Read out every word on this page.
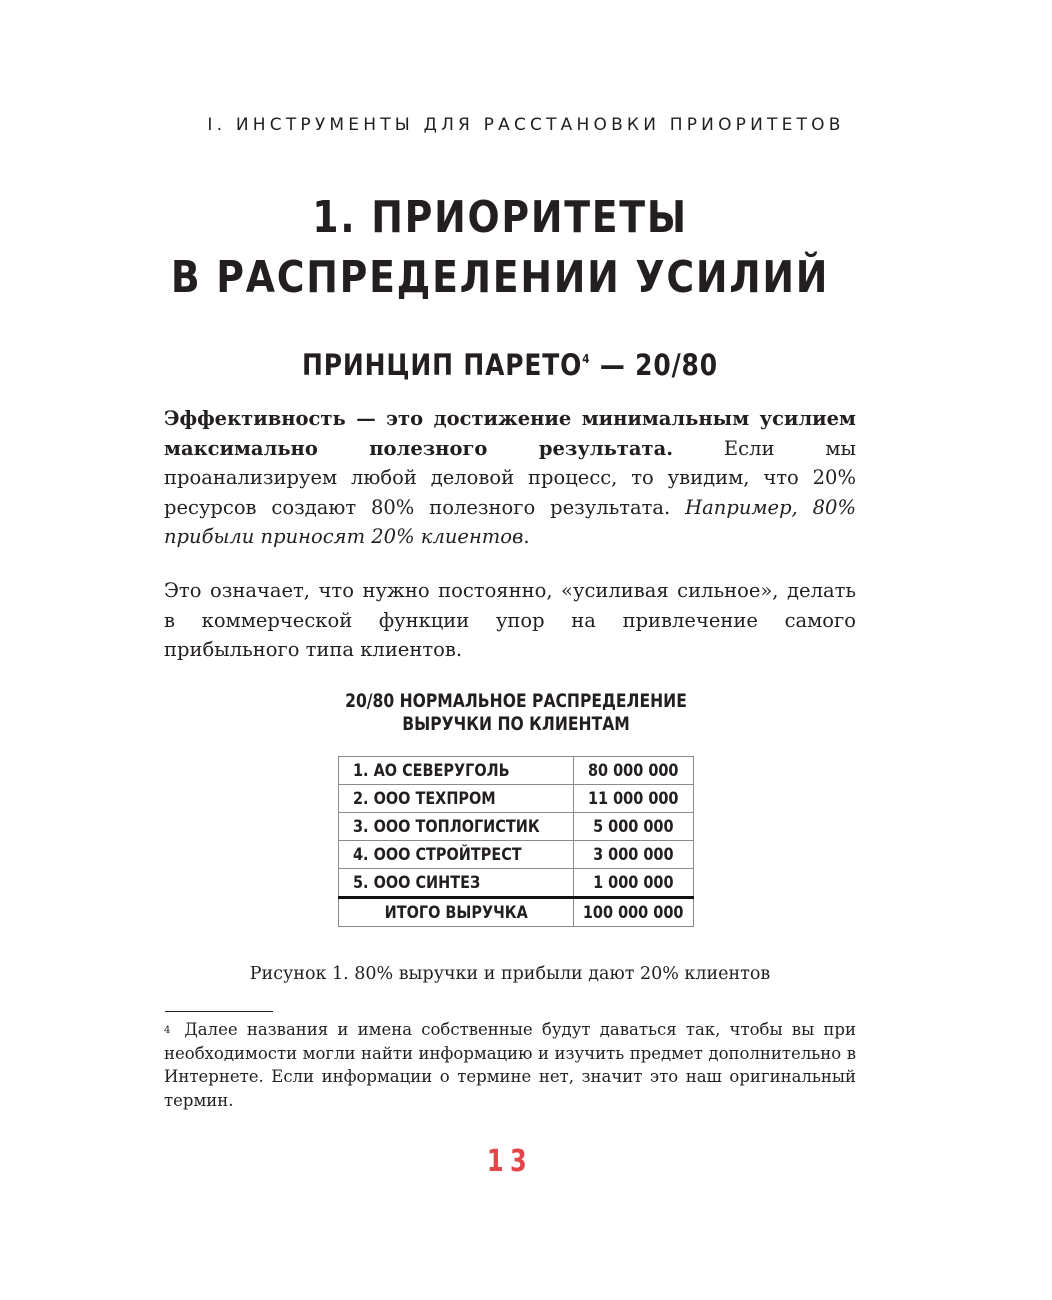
I. ИНСТРУМЕНТЫ ДЛЯ РАССТАНОВКИ ПРИОРИТЕТОВ
1. ПРИОРИТЕТЫ
В РАСПРЕДЕЛЕНИИ УСИЛИЙ
ПРИНЦИП ПАРЕТО$^4$ — 20/80
Эффективность — это достижение минимальным усилием максимально полезного результата. Если мы проанализируем любой деловой процесс, то увидим, что 20% ресурсов создают 80% полезного результата. Например, 80% прибыли приносят 20% клиентов.
Это означает, что нужно постоянно, «усиливая сильное», делать в коммерческой функции упор на привлечение самого прибыльного типа клиентов.
20/80 НОРМАЛЬНОЕ РАСПРЕДЕЛЕНИЕ
ВЫРУЧКИ ПО КЛИЕНТАМ
1. АО СЕВЕРУГОЛЬ	80 000 000
2. ООО ТЕХПРОМ	11 000 000
3. ООО ТОПЛОГИСТИК	5 000 000
4. ООО СТРОЙТРЕСТ	3 000 000
5. ООО СИНТЕЗ	1 000 000
ИТОГО ВЫРУЧКА	100 000 000
Рисунок 1. 80% выручки и прибыли дают 20% клиентов
$^4$ Далее названия и имена собственные будут даваться так, чтобы вы при необходимости могли найти информацию и изучить предмет дополнительно в Интернете. Если информации о термине нет, значит это наш оригинальный термин.
13
